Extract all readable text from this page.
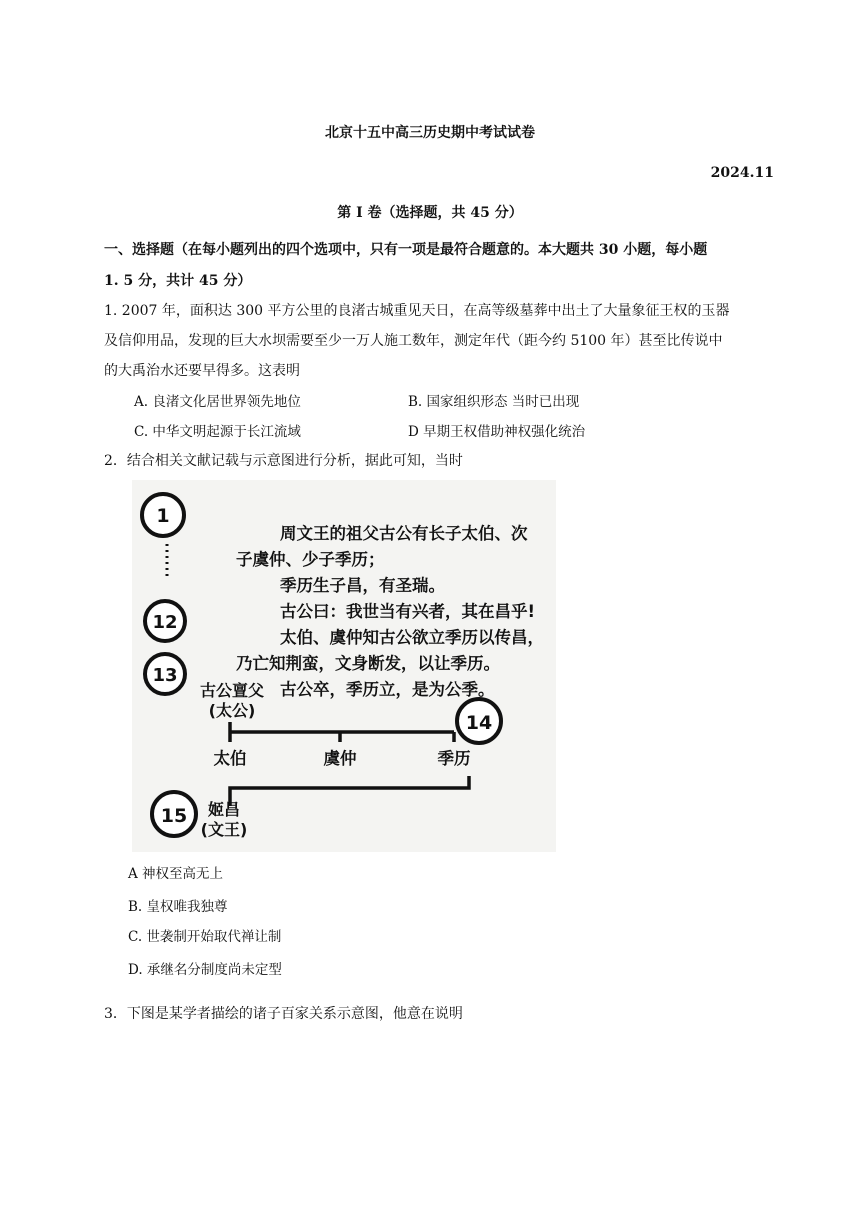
北京十五中高三历史期中考试试卷
2024.11
第 I 卷（选择题，共 45 分）
一、选择题（在每小题列出的四个选项中，只有一项是最符合题意的。本大题共 30 小题，每小题
1. 5 分，共计 45 分）
1. 2007 年，面积达 300 平方公里的良渚古城重见天日，在高等级墓葬中出土了大量象征王权的玉器
及信仰用品，发现的巨大水坝需要至少一万人施工数年，测定年代（距今约 5100 年）甚至比传说中
的大禹治水还要早得多。这表明
A. 良渚文化居世界领先地位	B. 国家组织形态 当时已出现
C. 中华文明起源于长江流域	D 早期王权借助神权强化统治
2．结合相关文献记载与示意图进行分析，据此可知，当时
1
12
13
周文王的祖父古公有长子太伯、次
子虞仲、少子季历；
季历生子昌，有圣瑞。
古公曰：我世当有兴者，其在昌乎!
太伯、虞仲知古公欲立季历以传昌，
乃亡知荆蛮，文身断发，以让季历。
古公卒，季历立，是为公季。
古公亶父
(太公)
14
太伯	虞仲	季历
15 姬昌
(文王)
A 神权至高无上
B. 皇权唯我独尊
C. 世袭制开始取代禅让制
D. 承继名分制度尚未定型
3．下图是某学者描绘的诸子百家关系示意图，他意在说明
